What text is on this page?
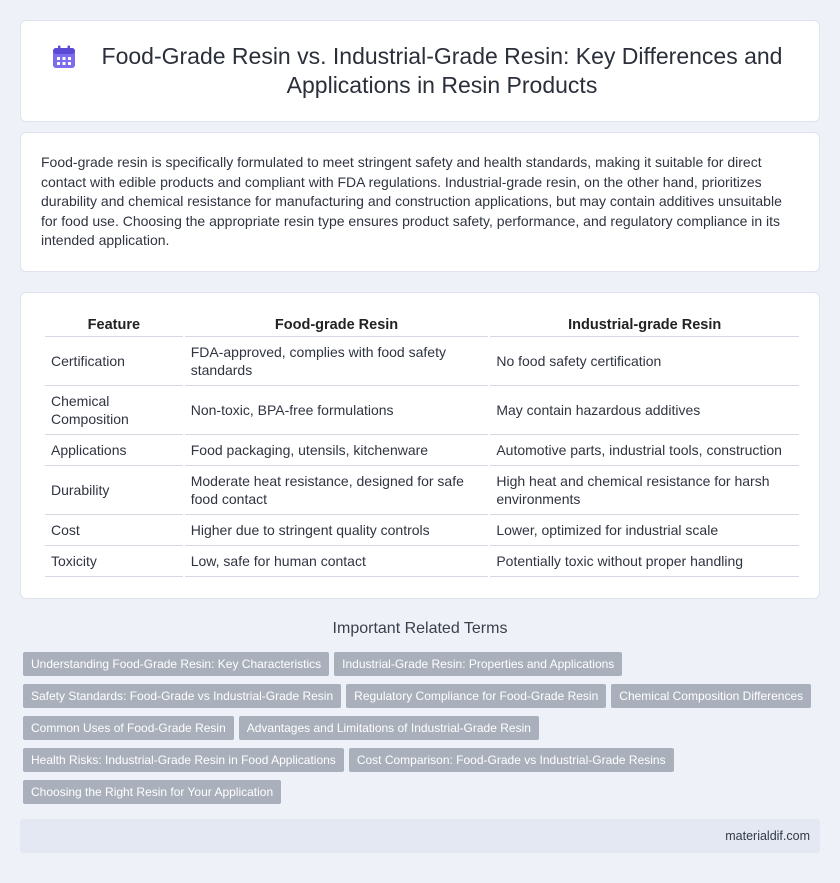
Food-Grade Resin vs. Industrial-Grade Resin: Key Differences and Applications in Resin Products

Food-grade resin is specifically formulated to meet stringent safety and health standards, making it suitable for direct contact with edible products and compliant with FDA regulations. Industrial-grade resin, on the other hand, prioritizes durability and chemical resistance for manufacturing and construction applications, but may contain additives unsuitable for food use. Choosing the appropriate resin type ensures product safety, performance, and regulatory compliance in its intended application.

Feature	Food-grade Resin	Industrial-grade Resin
Certification	FDA-approved, complies with food safety standards	No food safety certification
Chemical Composition	Non-toxic, BPA-free formulations	May contain hazardous additives
Applications	Food packaging, utensils, kitchenware	Automotive parts, industrial tools, construction
Durability	Moderate heat resistance, designed for safe food contact	High heat and chemical resistance for harsh environments
Cost	Higher due to stringent quality controls	Lower, optimized for industrial scale
Toxicity	Low, safe for human contact	Potentially toxic without proper handling
Important Related Terms
Understanding Food-Grade Resin: Key Characteristics Industrial-Grade Resin: Properties and Applications
Safety Standards: Food-Grade vs Industrial-Grade Resin Regulatory Compliance for Food-Grade Resin Chemical Composition Differences
Common Uses of Food-Grade Resin Advantages and Limitations of Industrial-Grade Resin
Health Risks: Industrial-Grade Resin in Food Applications Cost Comparison: Food-Grade vs Industrial-Grade Resins
Choosing the Right Resin for Your Application
materialdif.com
